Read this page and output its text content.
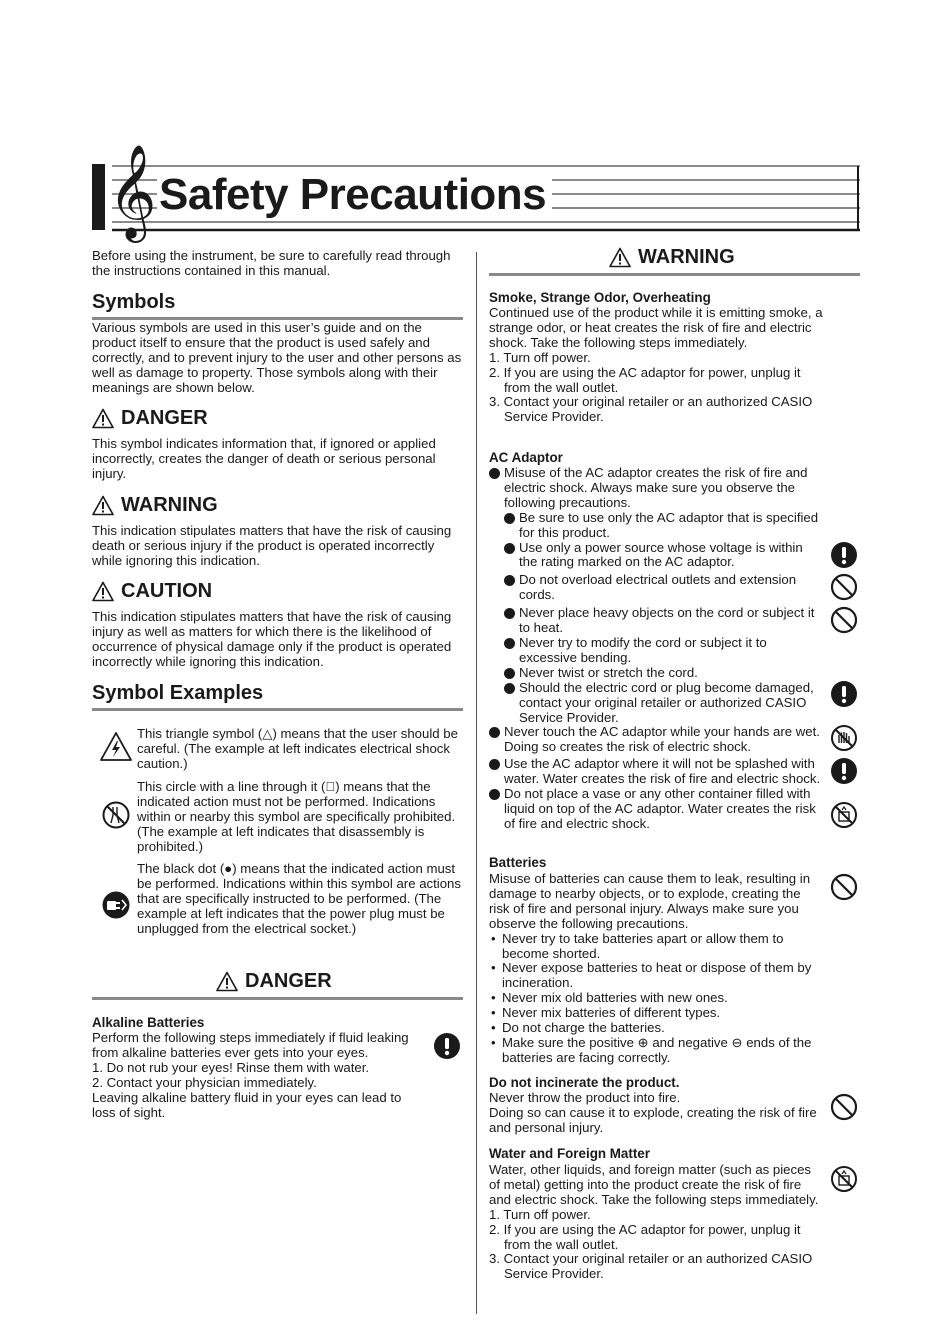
𝄞 Safety Precautions

Before using the instrument, be sure to carefully read through the instructions contained in this manual.

Symbols

Various symbols are used in this user’s guide and on the product itself to ensure that the product is used safely and correctly, and to prevent injury to the user and other persons as well as damage to property. Those symbols along with their meanings are shown below.

DANGER

This symbol indicates information that, if ignored or applied incorrectly, creates the danger of death or serious personal injury.

WARNING

This indication stipulates matters that have the risk of causing death or serious injury if the product is operated incorrectly while ignoring this indication.

CAUTION

This indication stipulates matters that have the risk of causing injury as well as matters for which there is the likelihood of occurrence of physical damage only if the product is operated incorrectly while ignoring this indication.

Symbol Examples

This triangle symbol (△) means that the user should be careful. (The example at left indicates electrical shock caution.)

This circle with a line through it (⃠) means that the indicated action must not be performed. Indications within or nearby this symbol are specifically prohibited. (The example at left indicates that disassembly is prohibited.)

The black dot (●) means that the indicated action must be performed. Indications within this symbol are actions that are specifically instructed to be performed. (The example at left indicates that the power plug must be unplugged from the electrical socket.)

DANGER
Alkaline Batteries

Perform the following steps immediately if fluid leaking from alkaline batteries ever gets into your eyes.

1. Do not rub your eyes! Rinse them with water.

2. Contact your physician immediately.

Leaving alkaline battery fluid in your eyes can lead to loss of sight.

WARNING
Smoke, Strange Odor, Overheating

Continued use of the product while it is emitting smoke, a strange odor, or heat creates the risk of fire and electric shock. Take the following steps immediately.

1. Turn off power.
2. If you are using the AC adaptor for power, unplug it from the wall outlet.
3. Contact your original retailer or an authorized CASIO Service Provider.
AC Adaptor
Misuse of the AC adaptor creates the risk of fire and electric shock. Always make sure you observe the following precautions.
Be sure to use only the AC adaptor that is specified for this product.
Use only a power source whose voltage is within the rating marked on the AC adaptor.
Do not overload electrical outlets and extension cords.
Never place heavy objects on the cord or subject it to heat.
Never try to modify the cord or subject it to excessive bending.
Never twist or stretch the cord.
Should the electric cord or plug become damaged, contact your original retailer or authorized CASIO Service Provider.
Never touch the AC adaptor while your hands are wet. Doing so creates the risk of electric shock.
Use the AC adaptor where it will not be splashed with water. Water creates the risk of fire and electric shock.
Do not place a vase or any other container filled with liquid on top of the AC adaptor. Water creates the risk of fire and electric shock.
Batteries

Misuse of batteries can cause them to leak, resulting in damage to nearby objects, or to explode, creating the risk of fire and personal injury. Always make sure you observe the following precautions.

• Never try to take batteries apart or allow them to become shorted.
• Never expose batteries to heat or dispose of them by incineration.
• Never mix old batteries with new ones.
• Never mix batteries of different types.
• Do not charge the batteries.
• Make sure the positive ⊕ and negative ⊖ ends of the batteries are facing correctly.
Do not incinerate the product.

Never throw the product into fire.

Doing so can cause it to explode, creating the risk of fire and personal injury.

Water and Foreign Matter

Water, other liquids, and foreign matter (such as pieces of metal) getting into the product create the risk of fire and electric shock. Take the following steps immediately.

1. Turn off power.
2. If you are using the AC adaptor for power, unplug it from the wall outlet.
3. Contact your original retailer or an authorized CASIO Service Provider.
